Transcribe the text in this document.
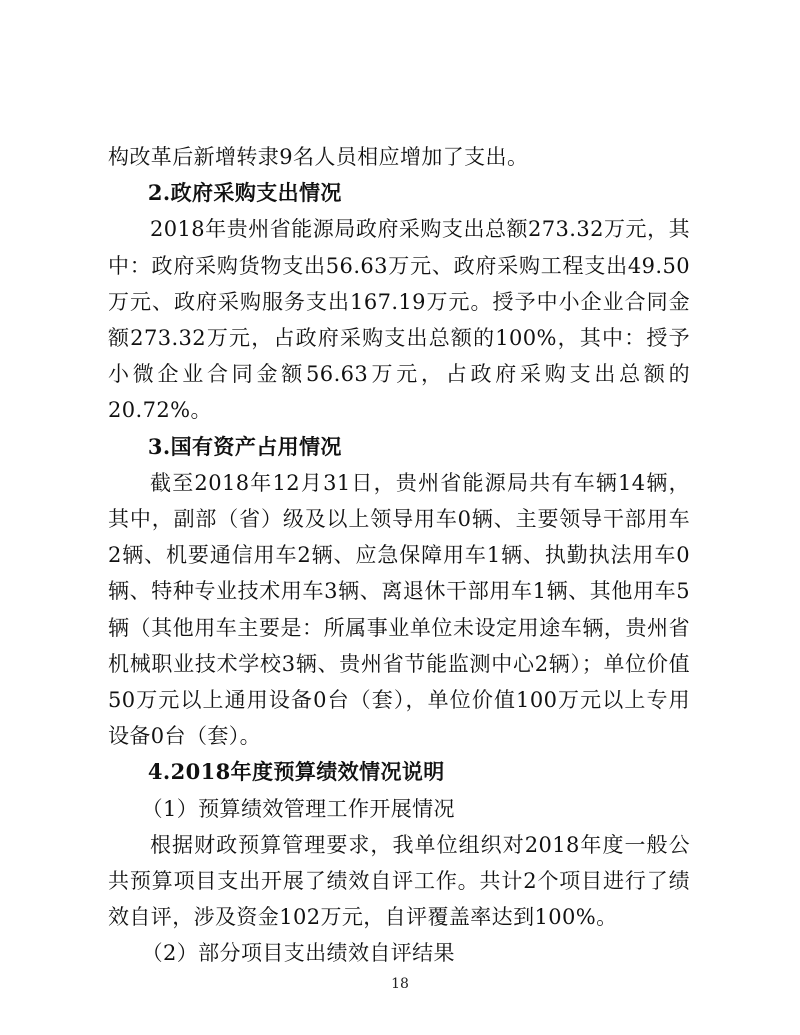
构改革后新增转隶9名人员相应增加了支出。

2.政府采购支出情况

2018年贵州省能源局政府采购支出总额273.32万元，其中：政府采购货物支出56.63万元、政府采购工程支出49.50万元、政府采购服务支出167.19万元。授予中小企业合同金额273.32万元，占政府采购支出总额的100%，其中：授予小微企业合同金额56.63万元，占政府采购支出总额的20.72%。

3.国有资产占用情况

截至2018年12月31日，贵州省能源局共有车辆14辆，其中，副部（省）级及以上领导用车0辆、主要领导干部用车2辆、机要通信用车2辆、应急保障用车1辆、执勤执法用车0辆、特种专业技术用车3辆、离退休干部用车1辆、其他用车5辆（其他用车主要是：所属事业单位未设定用途车辆，贵州省机械职业技术学校3辆、贵州省节能监测中心2辆）；单位价值50万元以上通用设备0台（套），单位价值100万元以上专用设备0台（套）。

4.2018年度预算绩效情况说明

（1）预算绩效管理工作开展情况

根据财政预算管理要求，我单位组织对2018年度一般公共预算项目支出开展了绩效自评工作。共计2个项目进行了绩效自评，涉及资金102万元，自评覆盖率达到100%。

（2）部分项目支出绩效自评结果

18
